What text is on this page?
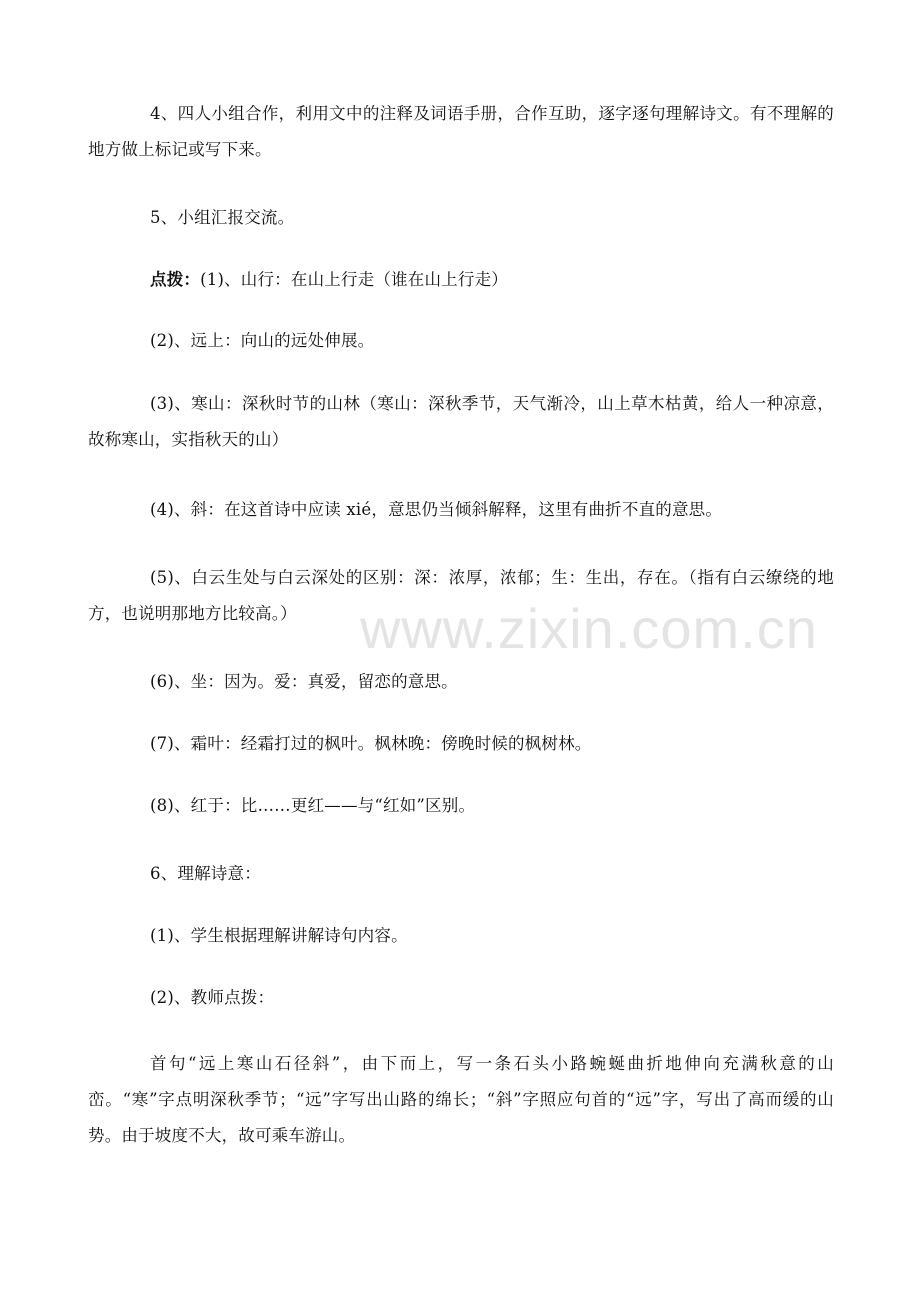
4、四人小组合作，利用文中的注释及词语手册，合作互助，逐字逐句理解诗文。有不理解的地方做上标记或写下来。

5、小组汇报交流。

点拨：(1)、山行：在山上行走（谁在山上行走）

(2)、远上：向山的远处伸展。

(3)、寒山：深秋时节的山林（寒山：深秋季节，天气渐冷，山上草木枯黄，给人一种凉意，故称寒山，实指秋天的山）

(4)、斜：在这首诗中应读 xié，意思仍当倾斜解释，这里有曲折不直的意思。

(5)、白云生处与白云深处的区别：深：浓厚，浓郁；生：生出，存在。（指有白云缭绕的地方，也说明那地方比较高。）

(6)、坐：因为。爱：真爱，留恋的意思。

(7)、霜叶：经霜打过的枫叶。枫林晚：傍晚时候的枫树林。

(8)、红于：比……更红——与“红如”区别。

6、理解诗意：

(1)、学生根据理解讲解诗句内容。

(2)、教师点拨：

首句“远上寒山石径斜”，由下而上，写一条石头小路蜿蜒曲折地伸向充满秋意的山峦。“寒”字点明深秋季节；“远”字写出山路的绵长；“斜”字照应句首的“远”字，写出了高而缓的山势。由于坡度不大，故可乘车游山。

www.zixin.com.cn
